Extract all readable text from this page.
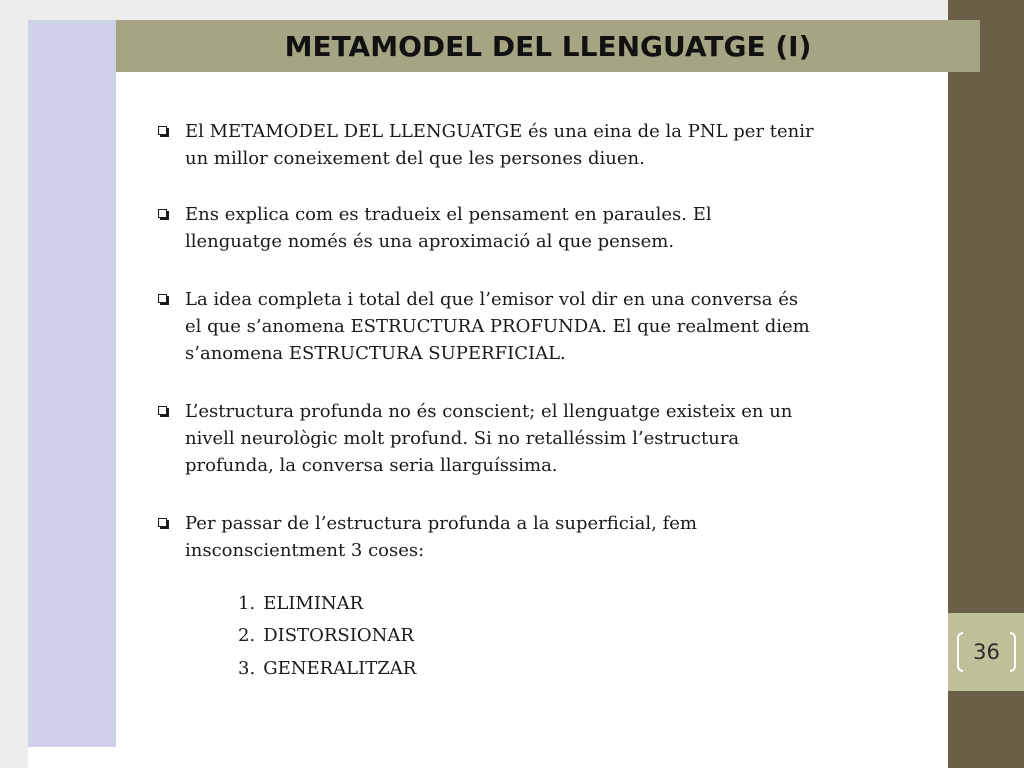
36
METAMODEL DEL LLENGUATGE (I)
El METAMODEL DEL LLENGUATGE és una eina de la PNL per tenir
un millor coneixement del que les persones diuen.
Ens explica com es tradueix el pensament en paraules. El
llenguatge només és una aproximació al que pensem.
La idea completa i total del que l’emisor vol dir en una conversa és
el que s’anomena ESTRUCTURA PROFUNDA. El que realment diem
s’anomena ESTRUCTURA SUPERFICIAL.
L’estructura profunda no és conscient; el llenguatge existeix en un
nivell neurològic molt profund. Si no retalléssim l’estructura
profunda, la conversa seria llarguíssima.
Per passar de l’estructura profunda a la superficial, fem
insconscientment 3 coses:
1. ELIMINAR
2. DISTORSIONAR
3. GENERALITZAR
